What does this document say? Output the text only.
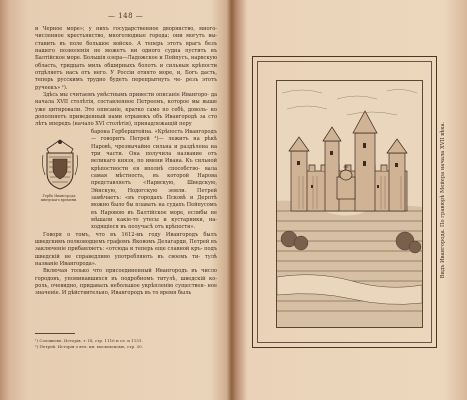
— 148 —

и Черное море»; у нихъ государственное дворянство, много- численное крестьянство, многолюдные города; они могутъ вы- ставить въ поле большое войско. А теперь этотъ врагъ безъ нашего позволенія не можетъ ни одного судна пустить въ Балтійское море. Большія озера—Ладожское и Пейпусъ, нарвскую область, тридцать миль обширныхъ болотъ и сильныя крѣпости отдѣляетъ насъ отъ него. У Россіи отнято море, и, Богъ дасть, теперь русскимъ трудно будетъ перепрыгнуть че- резъ этотъ ручеекъ» ¹).

Здѣсь мы считаемъ умѣстнымъ привести описаніе Ивангоро- да начала XVII столѣтія, составленное Петреемъ, которое мы выше уже цитировали. Это описаніе, кратко само по себѣ, доволь- но дополняетъ приведенный нами отрывокъ объ Ивангородѣ за сто лѣтъ впередъ (начало XVI столѣтія), принадлежащій перу

Гербъ Ивангорода шведскаго времени.
барона Герберштейна. «Крѣпость Ивангородъ— говоритъ Петрей ²)— лежитъ на рѣкѣ Наровѣ, чрезвычайно сильна и раздѣлена на три части. Она получила название отъ великаго князя, по имени Ивана. Къ сильной крѣпостности ея вполнѣ способство- вала самая мѣстность, въ которой Нарова представляетъ «Нарвскую, Шведскую, Эйнскую, Нодогскую земли. Петрей замѣчаетъ: «въ городахъ Псковѣ и Дерптѣ можно было бы плавать на судахъ Пейпусомъ въ Наровою въ Балтійское море, еслибы не мѣшали какіе-то утесы и кустарники, на- ходящіеся въ получасѣ отъ крѣпости».

Говоря о томъ, что въ 1612-мъ году Ивангородъ былъ шведскимъ полководцемъ графомъ Яковомъ Делагарди, Петрей въ заключеніе прибавляетъ: «отсюда и теперь еще славной кръ- подъ шведскій не справедливо употребляють въ своемъ ти- тулѣ названіе Ивангорода».

Включая только что присоединенный Ивангородъ въ число городовъ, упоминавшихся въ подробномъ титулѣ, шведскій ко- роль, очевидно, придавалъ небольшое укрѣпленію существен- ное значеніе. И дѣйствительно, Ивангородъ въ то время быль

¹) Соловьевъ. Исторія, т. IX, стр. 1116 и сл. и 1131.
²) Петрей. Исторія о вел. кн. московскомъ, стр. 30.
Видъ Ивангорода. По гравюрѣ Мейера начала XVII вѣка.
